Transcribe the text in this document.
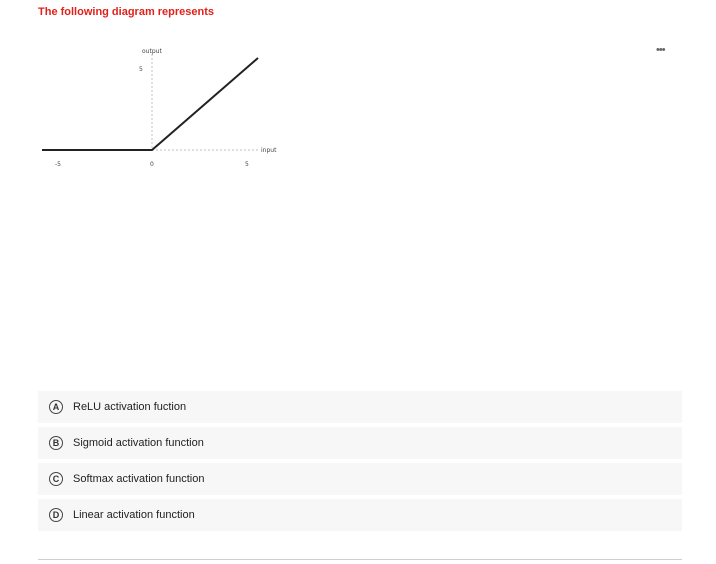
The following diagram represents
•••
output
5
input
-5	0	5
A	ReLU activation fuction
B	Sigmoid activation function
C	Softmax activation function
D	Linear activation function
